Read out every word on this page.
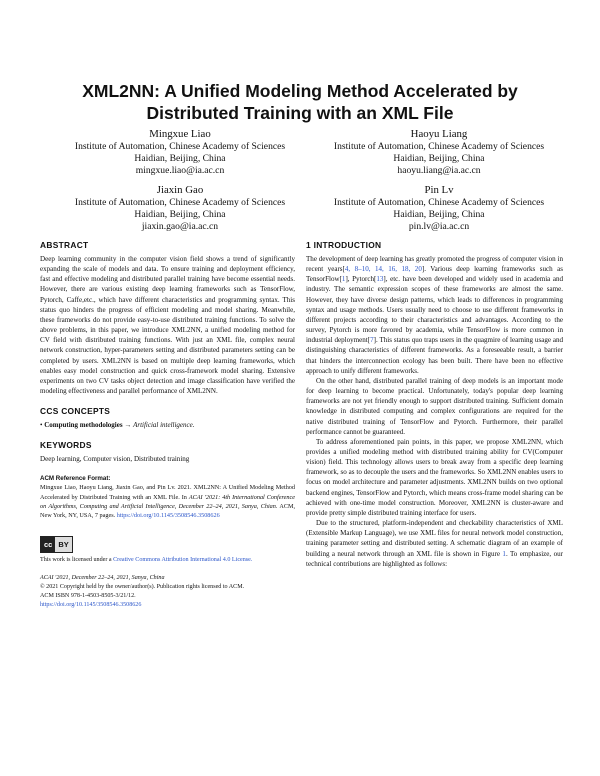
XML2NN: A Unified Modeling Method Accelerated by
Distributed Training with an XML File
Mingxue Liao
Institute of Automation, Chinese Academy of Sciences
Haidian, Beijing, China
mingxue.liao@ia.ac.cn
Haoyu Liang
Institute of Automation, Chinese Academy of Sciences
Haidian, Beijing, China
haoyu.liang@ia.ac.cn
Jiaxin Gao
Institute of Automation, Chinese Academy of Sciences
Haidian, Beijing, China
jiaxin.gao@ia.ac.cn
Pin Lv
Institute of Automation, Chinese Academy of Sciences
Haidian, Beijing, China
pin.lv@ia.ac.cn
ABSTRACT

Deep learning community in the computer vision field shows a trend of significantly expanding the scale of models and data. To ensure training and deployment efficiency, fast and effective modeling and distributed parallel training have become essential needs. However, there are various existing deep learning frameworks such as TensorFlow, Pytorch, Caffe,etc., which have different characteristics and programming syntax. This status quo hinders the progress of efficient modeling and model sharing. Meanwhile, these frameworks do not provide easy-to-use distributed training functions. To solve the above problems, in this paper, we introduce XML2NN, a unified modeling method for CV field with distributed training functions. With just an XML file, complex neural network construction, hyper-parameters setting and distributed parameters setting can be completed by users. XML2NN is based on multiple deep learning frameworks, which enables easy model construction and quick cross-framework model sharing. Extensive experiments on two CV tasks object detection and image classification have verified the modeling effectiveness and parallel performance of XML2NN.

CCS CONCEPTS
• Computing methodologies → Artificial intelligence.
KEYWORDS

Deep learning, Computer vision, Distributed training

ACM Reference Format:
Mingxue Liao, Haoyu Liang, Jiaxin Gao, and Pin Lv. 2021. XML2NN: A Unified Modeling Method Accelerated by Distributed Training with an XML File. In ACAI '2021: 4th International Conference on Algorithms, Computing and Artificial Intelligence, December 22–24, 2021, Sanya, Chian. ACM, New York, NY, USA, 7 pages. https://doi.org/10.1145/3508546.3508626
cc BY
This work is licensed under a Creative Commons Attribution International 4.0 License.
ACAI '2021, December 22–24, 2021, Sanya, China
© 2021 Copyright held by the owner/author(s). Publication rights licensed to ACM.
ACM ISBN 978-1-4503-8505-3/21/12.
https://doi.org/10.1145/3508546.3508626
1 INTRODUCTION

The development of deep learning has greatly promoted the progress of computer vision in recent years[4, 8–10, 14, 16, 18, 20]. Various deep learning frameworks such as TensorFlow[1], Pytorch[13], etc. have been developed and widely used in academia and industry. The semantic expression scopes of these frameworks are almost the same. However, they have diverse design patterns, which leads to differences in programming syntax and usage methods. Users usually need to choose to use different frameworks in different projects according to their characteristics and advantages. According to the survey, Pytorch is more favored by academia, while TensorFlow is more common in industrial deployment[7]. This status quo traps users in the quagmire of learning usage and distinguishing characteristics of different frameworks. As a foreseeable result, a barrier that hinders the interconnection ecology has been built. There have been no effective approach to unify different frameworks.

On the other hand, distributed parallel training of deep models is an important mode for deep learning to become practical. Unfortunately, today's popular deep learning frameworks are not yet friendly enough to support distributed training. Sufficient domain knowledge in distributed computing and complex configurations are required for the native distributed training of TensorFlow and Pytorch. Furthermore, their parallel performance cannot be guaranteed.

To address aforementioned pain points, in this paper, we propose XML2NN, which provides a unified modeling method with distributed training ability for CV(Computer vision) field. This technology allows users to break away from a specific deep learning framework, so as to decouple the users and the frameworks. So XML2NN enables users to focus on model architecture and parameter adjustments. XML2NN builds on two optional backend engines, TensorFlow and Pytorch, which means cross-frame model sharing can be achieved with one-time model construction. Moreover, XML2NN is cluster-aware and provide pretty simple distributed training interface for users.

Due to the structured, platform-independent and checkability characteristics of XML (Extensible Markup Language), we use XML files for neural network model construction, training parameter setting and distributed setting. A schematic diagram of an example of building a neural network through an XML file is shown in Figure 1. To emphasize, our technical contributions are highlighted as follows:
